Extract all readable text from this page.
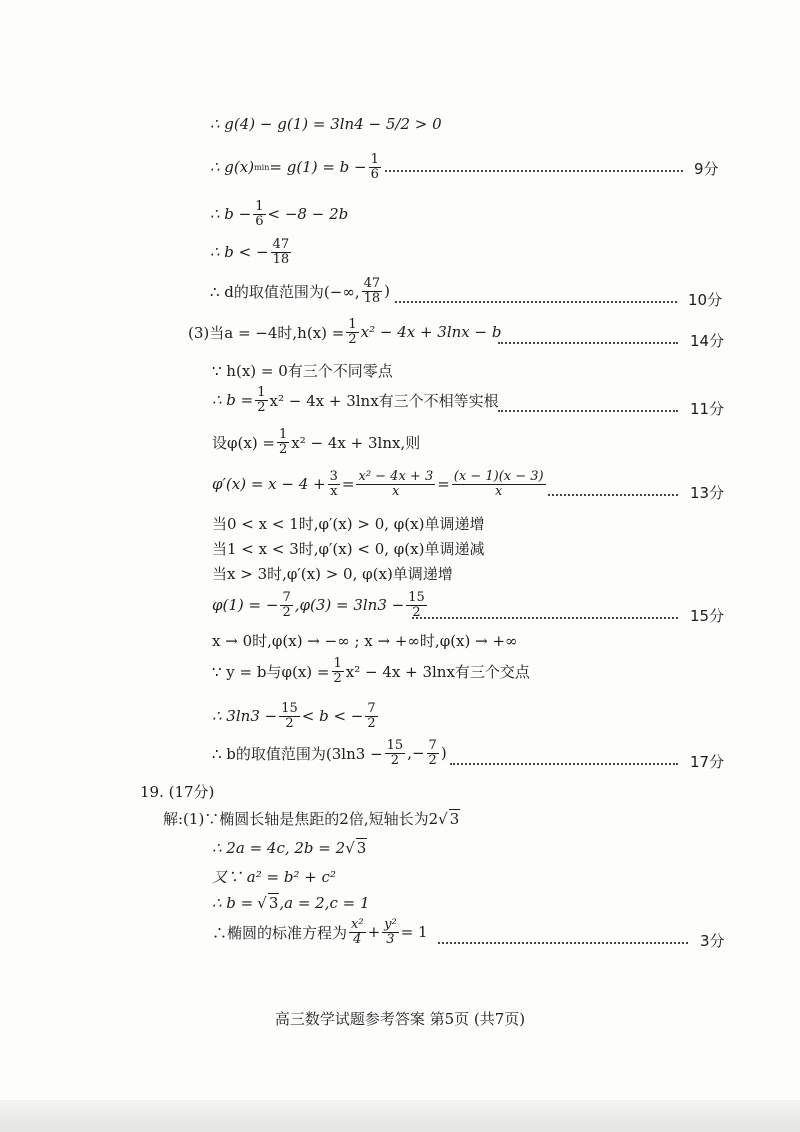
∴ g(4) − g(1) = 3ln4 − 5/2 > 0
∴ g(x) $\min = g(1) = b - \frac{1}{6}$	9分
∴ $b - \frac{1}{6} < -8 - 2b$
∴ b < − $\frac{47}{18}$
∴ d的取值范围为(−∞, $\frac{47}{18}$ )	10分
(3)当a = −4时$,h(x) = \frac{1}{2} x^2 - 4x + 3\ln x - b$	14分
∵ h(x) = 0有三个不同零点
∴ $b = \frac{1}{2} x^2 - 4x + 3\ln x$有三个不相等实根	11分
设$\varphi(x) = \frac{1}{2} x^2 - 4x + 3\ln x$,则
$\varphi'(x) = x - 4 + \frac{3}{x} = \frac{\text{x² − 4x + 3}}{x} = \frac{(x - 1)(x - 3)}{x}$	13分
当0 < x < 1时,φ′(x) > 0, φ(x)单调递增
当1 < x < 3时,φ′(x) < 0, φ(x)单调递减
当x > 3时,φ′(x) > 0, φ(x)单调递增
φ(1) = − $\frac{7}{2} ,\varphi(3) = 3\ln 3 - \frac{15}{2}$	15分
x → 0时,φ(x) → −∞ ; x → +∞时,φ(x) → +∞
∵ y = b与$\varphi(x) = \frac{1}{2} x^2 - 4x + 3\ln x$有三个交点
∴ $3\ln 3 - \frac{15}{2} < b$ < − $\frac{7}{2}$
∴ b的取值范围为($3\ln 3 - \frac{15}{2}$ ,− $\frac{7}{2}$ )	17分
19. (17分)
解:(1)∵椭圆长轴是焦距的2倍,短轴长为2 √ 3
∴ 2a = 4c, 2b = 2 √ 3
又∵ a² = b² + c²
∴ b = √ 3 ,a = 2,c = 1
∴椭圆的标准方程为 $\frac{\text{x²}}{4} + \frac{\text{y²}}{3} = 1$	3分
高三数学试题参考答案 第5页 (共7页)
